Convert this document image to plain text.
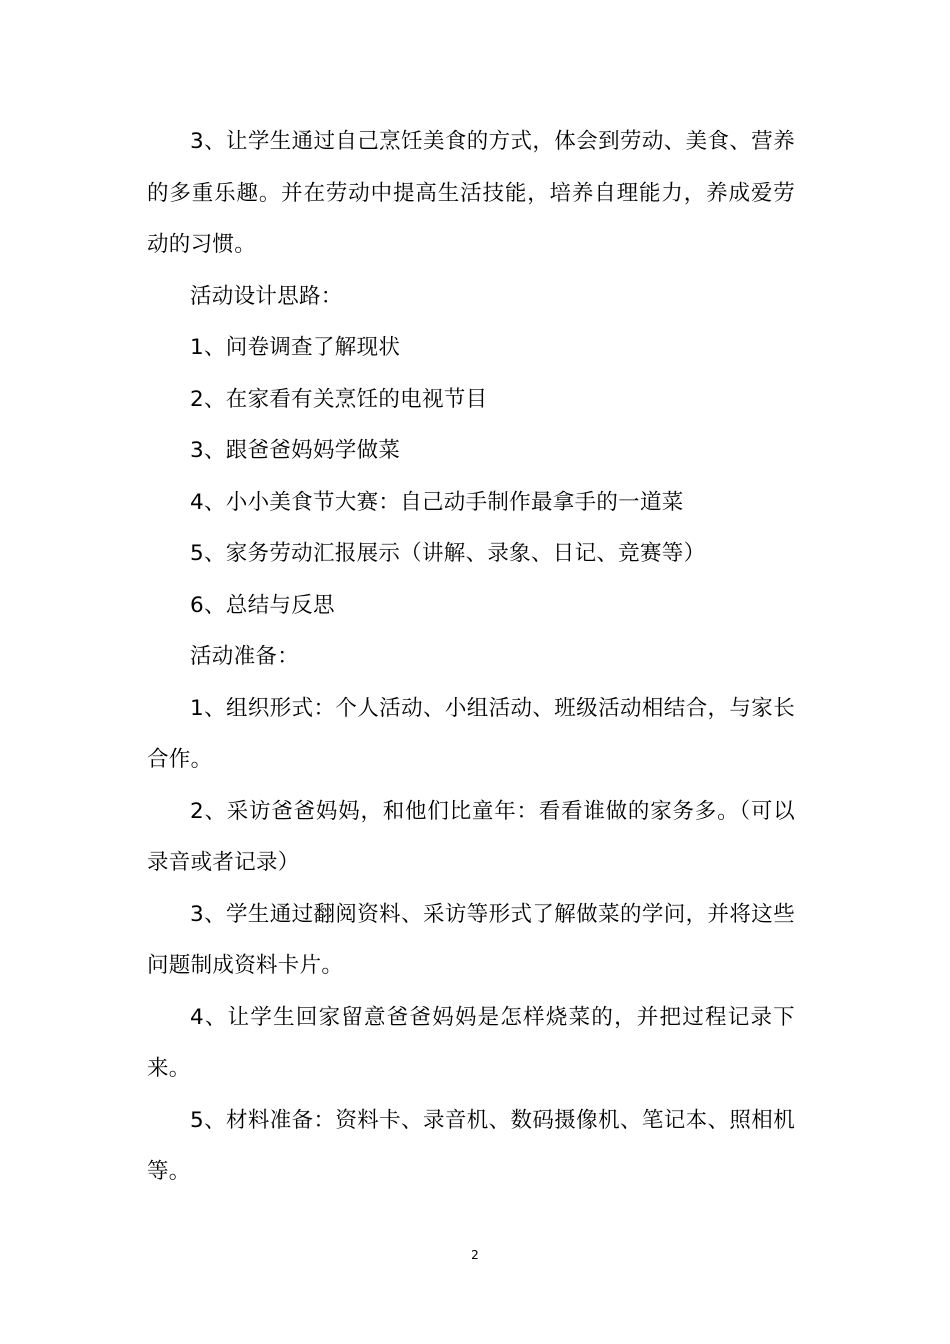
3、让学生通过自己烹饪美食的方式，体会到劳动、美食、营养的多重乐趣。并在劳动中提高生活技能，培养自理能力，养成爱劳动的习惯。

活动设计思路：

1、问卷调查了解现状

2、在家看有关烹饪的电视节目

3、跟爸爸妈妈学做菜

4、小小美食节大赛：自己动手制作最拿手的一道菜

5、家务劳动汇报展示（讲解、录象、日记、竞赛等）

6、总结与反思

活动准备：

1、组织形式：个人活动、小组活动、班级活动相结合，与家长合作。

2、采访爸爸妈妈，和他们比童年：看看谁做的家务多。（可以录音或者记录）

3、学生通过翻阅资料、采访等形式了解做菜的学问，并将这些问题制成资料卡片。

4、让学生回家留意爸爸妈妈是怎样烧菜的，并把过程记录下来。

5、材料准备：资料卡、录音机、数码摄像机、笔记本、照相机等。

2
